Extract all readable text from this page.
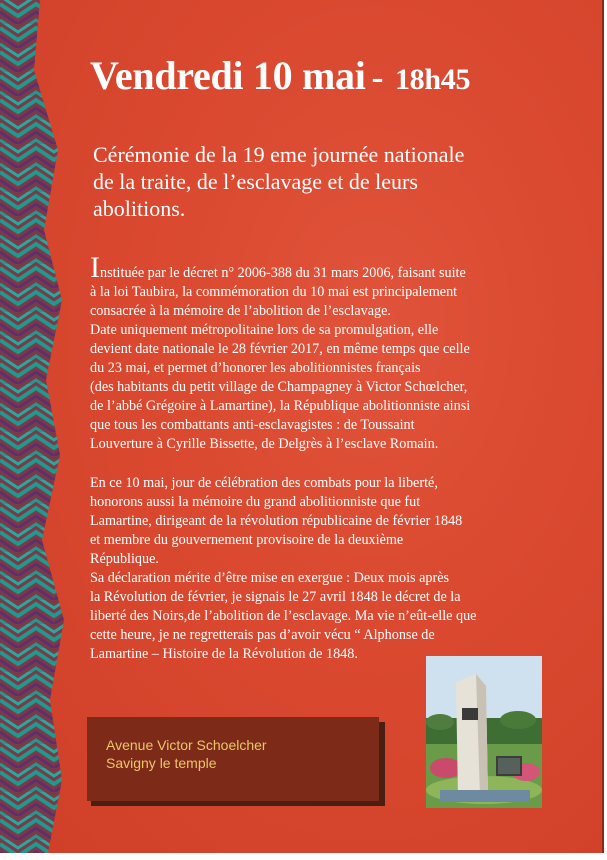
Vendredi 10 mai - 18h45
Cérémonie de la 19 eme journée nationale
de la traite, de l’esclavage et de leurs
abolitions.

Instituée par le décret n° 2006-388 du 31 mars 2006, faisant suite

à la loi Taubira, la commémoration du 10 mai est principalement

consacrée à la mémoire de l’abolition de l’esclavage.

Date uniquement métropolitaine lors de sa promulgation, elle

devient date nationale le 28 février 2017, en même temps que celle

du 23 mai, et permet d’honorer les abolitionnistes français

(des habitants du petit village de Champagney à Victor Schœlcher,

de l’abbé Grégoire à Lamartine), la République abolitionniste ainsi

que tous les combattants anti-esclavagistes : de Toussaint

Louverture à Cyrille Bissette, de Delgrès à l’esclave Romain.

En ce 10 mai, jour de célébration des combats pour la liberté,

honorons aussi la mémoire du grand abolitionniste que fut

Lamartine, dirigeant de la révolution républicaine de février 1848

et membre du gouvernement provisoire de la deuxième

République.

Sa déclaration mérite d’être mise en exergue : Deux mois après

la Révolution de février, je signais le 27 avril 1848 le décret de la

liberté des Noirs,de l’abolition de l’esclavage. Ma vie n’eût-elle que

cette heure, je ne regretterais pas d’avoir vécu “ Alphonse de

Lamartine – Histoire de la Révolution de 1848.

Avenue Victor Schoelcher
Savigny le temple
